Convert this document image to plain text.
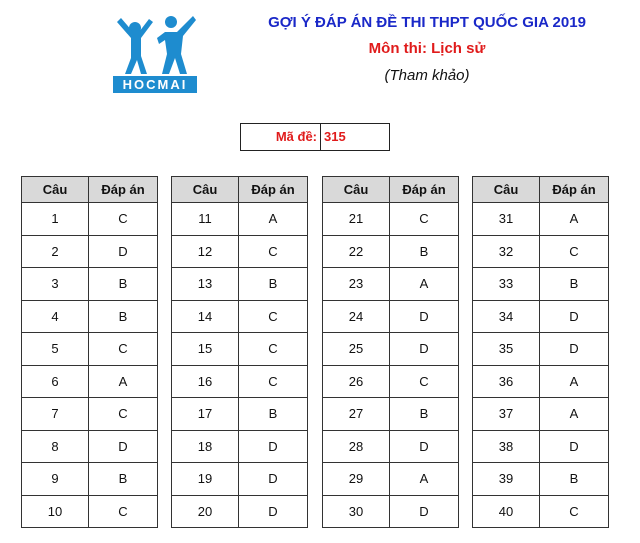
HOCMAI
GỢI Ý ĐÁP ÁN ĐỀ THI THPT QUỐC GIA 2019
Môn thi: Lịch sử
(Tham khảo)
Mã đề: 315
Câu	Đáp án
1	C
2	D
3	B
4	B
5	C
6	A
7	C
8	D
9	B
10	C
Câu	Đáp án
11	A
12	C
13	B
14	C
15	C
16	C
17	B
18	D
19	D
20	D
Câu	Đáp án
21	C
22	B
23	A
24	D
25	D
26	C
27	B
28	D
29	A
30	D
Câu	Đáp án
31	A
32	C
33	B
34	D
35	D
36	A
37	A
38	D
39	B
40	C
